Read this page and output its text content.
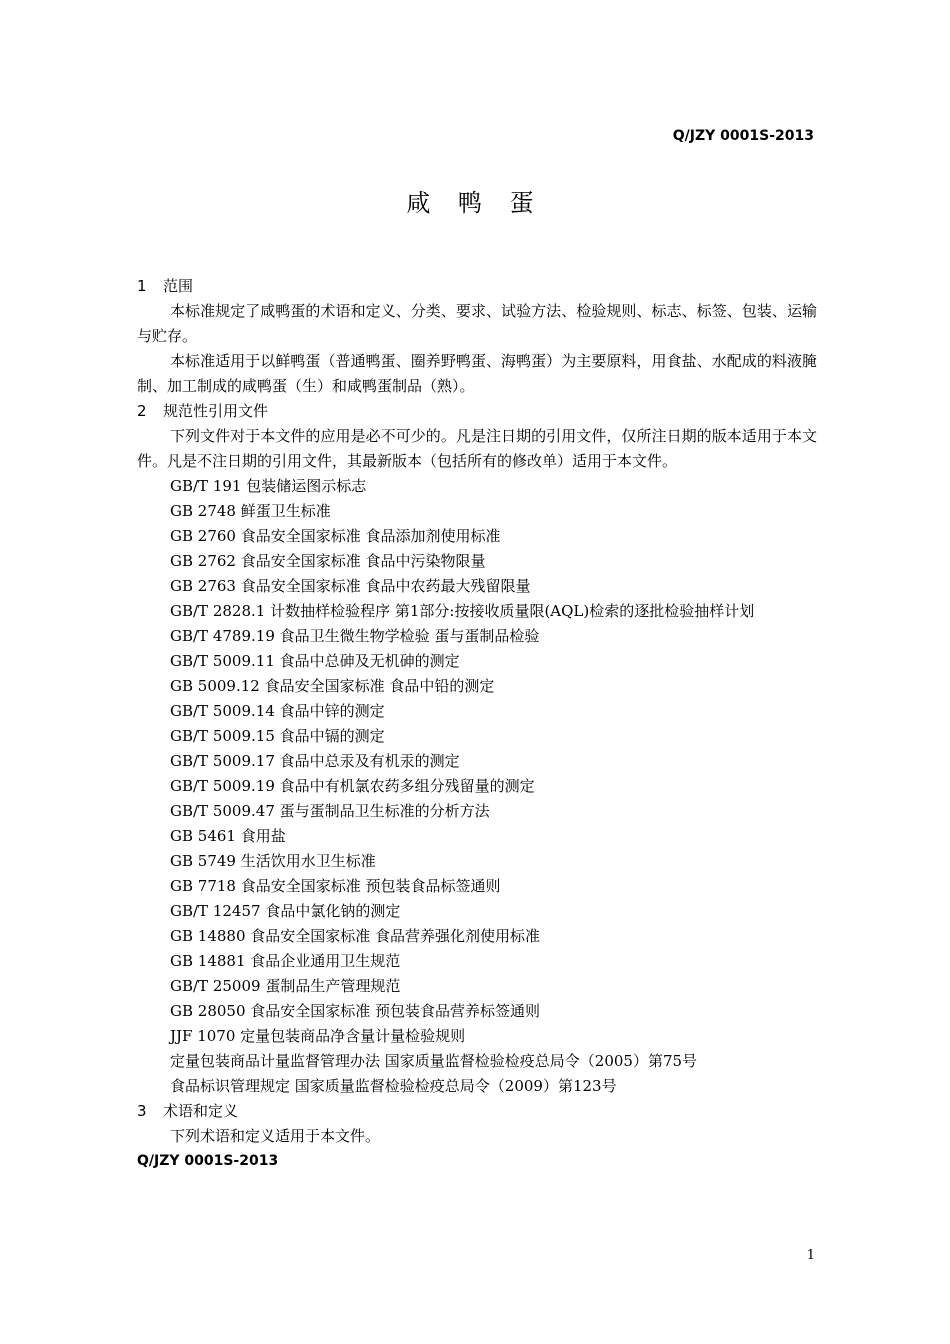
Q/JZY 0001S-2013

咸 鸭 蛋
1 范围

本标准规定了咸鸭蛋的术语和定义、分类、要求、试验方法、检验规则、标志、标签、包装、运输与贮存。

本标准适用于以鲜鸭蛋（普通鸭蛋、圈养野鸭蛋、海鸭蛋）为主要原料，用食盐、水配成的料液腌制、加工制成的咸鸭蛋（生）和咸鸭蛋制品（熟）。

2 规范性引用文件

下列文件对于本文件的应用是必不可少的。凡是注日期的引用文件，仅所注日期的版本适用于本文件。凡是不注日期的引用文件，其最新版本（包括所有的修改单）适用于本文件。

GB/T 191 包装储运图示标志
GB 2748 鲜蛋卫生标准
GB 2760 食品安全国家标准 食品添加剂使用标准
GB 2762 食品安全国家标准 食品中污染物限量
GB 2763 食品安全国家标准 食品中农药最大残留限量
GB/T 2828.1 计数抽样检验程序 第1部分:按接收质量限(AQL)检索的逐批检验抽样计划
GB/T 4789.19 食品卫生微生物学检验 蛋与蛋制品检验
GB/T 5009.11 食品中总砷及无机砷的测定
GB 5009.12 食品安全国家标准 食品中铅的测定
GB/T 5009.14 食品中锌的测定
GB/T 5009.15 食品中镉的测定
GB/T 5009.17 食品中总汞及有机汞的测定
GB/T 5009.19 食品中有机氯农药多组分残留量的测定
GB/T 5009.47 蛋与蛋制品卫生标准的分析方法
GB 5461 食用盐
GB 5749 生活饮用水卫生标准
GB 7718 食品安全国家标准 预包装食品标签通则
GB/T 12457 食品中氯化钠的测定
GB 14880 食品安全国家标准 食品营养强化剂使用标准
GB 14881 食品企业通用卫生规范
GB/T 25009 蛋制品生产管理规范
GB 28050 食品安全国家标准 预包装食品营养标签通则
JJF 1070 定量包装商品净含量计量检验规则
定量包装商品计量监督管理办法 国家质量监督检验检疫总局令（2005）第75号
食品标识管理规定 国家质量监督检验检疫总局令（2009）第123号
3 术语和定义

下列术语和定义适用于本文件。

Q/JZY 0001S-2013

1
